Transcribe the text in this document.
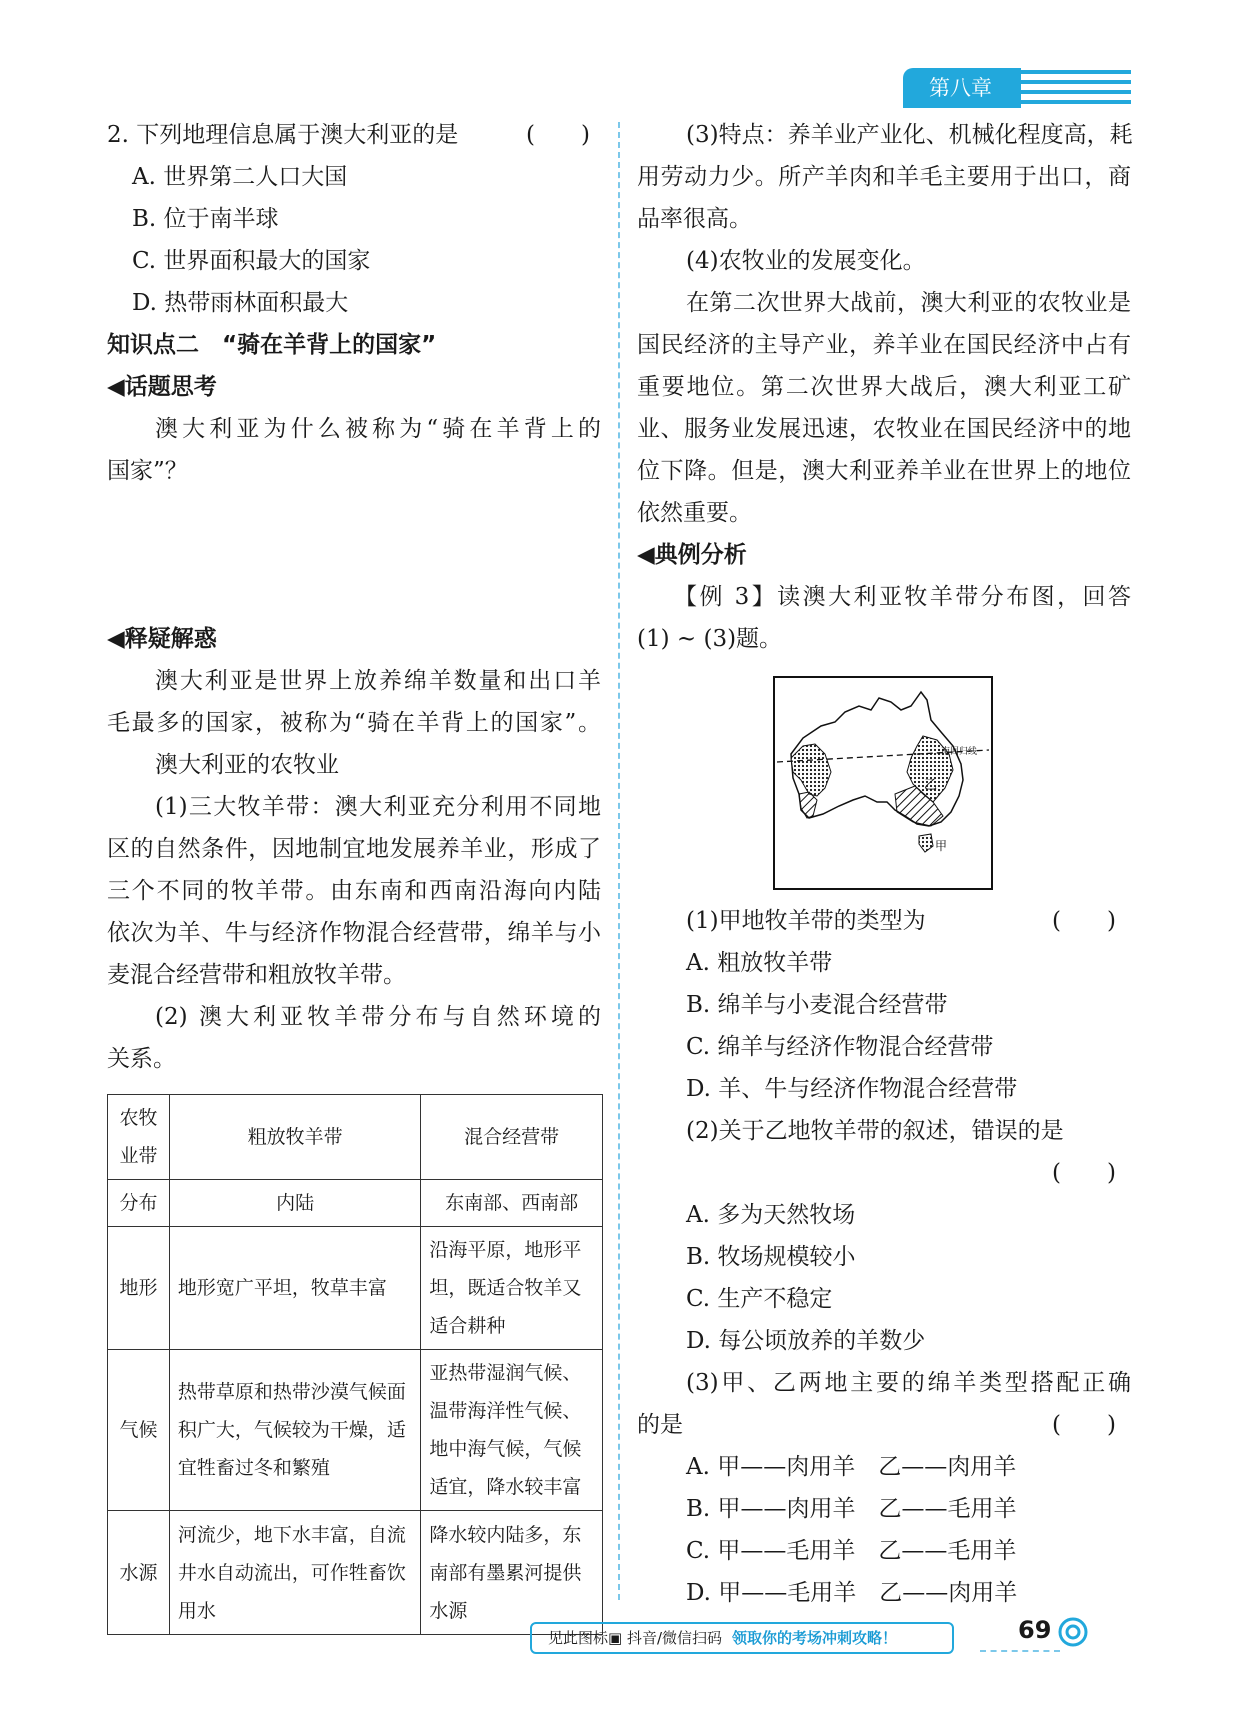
第八章
2. 下列地理信息属于澳大利亚的是	(　　)
A. 世界第二人口大国
B. 位于南半球
C. 世界面积最大的国家
D. 热带雨林面积最大
知识点二　“骑在羊背上的国家”
◀话题思考
澳大利亚为什么被称为“骑在羊背上的
国家”？
◀释疑解惑
澳大利亚是世界上放养绵羊数量和出口羊
毛最多的国家，被称为“骑在羊背上的国家”。
澳大利亚的农牧业
(1)三大牧羊带：澳大利亚充分利用不同地
区的自然条件，因地制宜地发展养羊业，形成了
三个不同的牧羊带。由东南和西南沿海向内陆
依次为羊、牛与经济作物混合经营带，绵羊与小
麦混合经营带和粗放牧羊带。
(2) 澳大利亚牧羊带分布与自然环境的
关系。
农牧业带	粗放牧羊带	混合经营带
分布	内陆	东南部、西南部
地形	地形宽广平坦，牧草丰富	沿海平原，地形平坦，既适合牧羊又适合耕种
气候	热带草原和热带沙漠气候面积广大，气候较为干燥，适宜牲畜过冬和繁殖	亚热带湿润气候、温带海洋性气候、地中海气候，气候适宜，降水较丰富
水源	河流少，地下水丰富，自流井水自动流出，可作牲畜饮用水	降水较内陆多，东南部有墨累河提供水源
(3)特点：养羊业产业化、机械化程度高，耗
用劳动力少。所产羊肉和羊毛主要用于出口，商
品率很高。
(4)农牧业的发展变化。
在第二次世界大战前，澳大利亚的农牧业是
国民经济的主导产业，养羊业在国民经济中占有
重要地位。第二次世界大战后，澳大利亚工矿
业、服务业发展迅速，农牧业在国民经济中的地
位下降。但是，澳大利亚养羊业在世界上的地位
依然重要。
◀典例分析
【例 3】读澳大利亚牧羊带分布图，回答
(1) ~ (3)题。
南回归线
乙
甲
(1)甲地牧羊带的类型为	(　　)
A. 粗放牧羊带
B. 绵羊与小麦混合经营带
C. 绵羊与经济作物混合经营带
D. 羊、牛与经济作物混合经营带
(2)关于乙地牧羊带的叙述，错误的是
(　　)
A. 多为天然牧场
B. 牧场规模较小
C. 生产不稳定
D. 每公顷放养的羊数少
(3)甲、乙两地主要的绵羊类型搭配正确
的是	(　　)
A. 甲——肉用羊　乙——肉用羊
B. 甲——肉用羊　乙——毛用羊
C. 甲——毛用羊　乙——毛用羊
D. 甲——毛用羊　乙——肉用羊
见此图标▣ 抖音/微信扫码 领取你的考场冲刺攻略！	69
